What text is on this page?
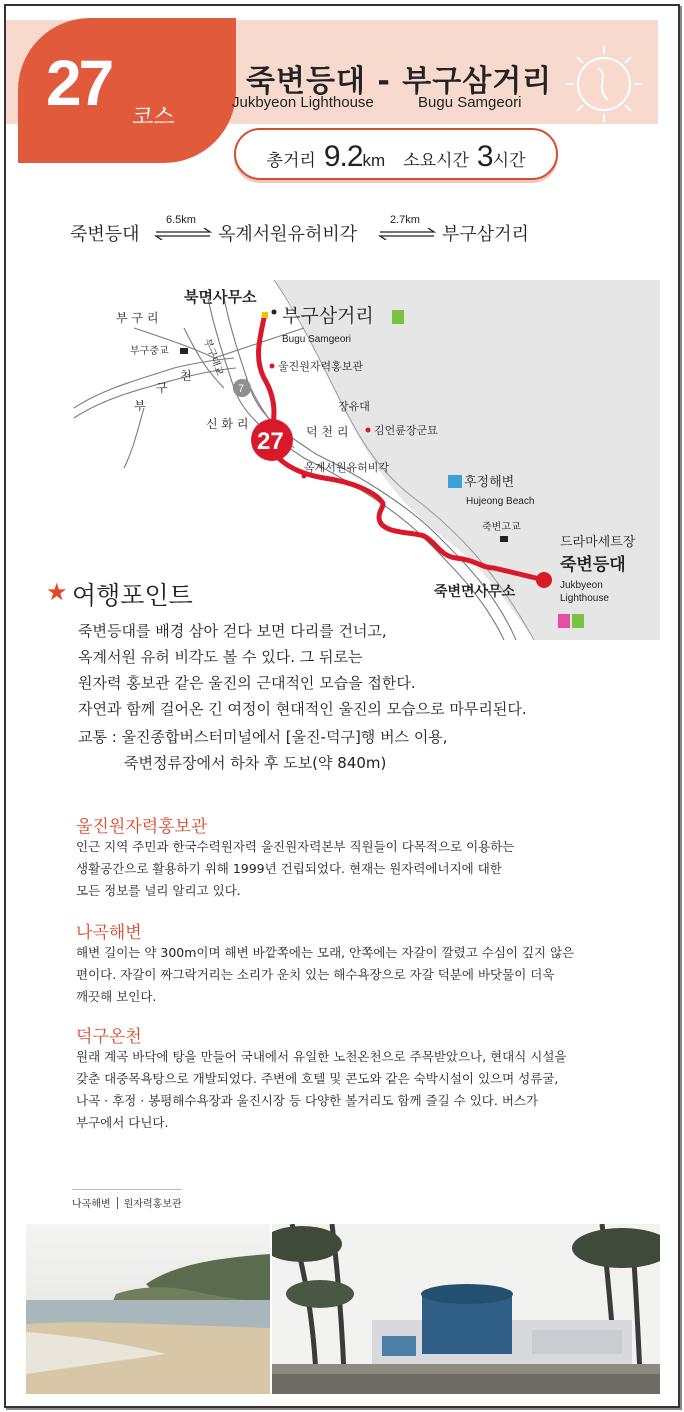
27 코스
죽변등대 - 부구삼거리
Jukbyeon Lighthouse	Bugu Samgeori
총거리 9.2 km 소요시간 3 시간
죽변등대
6.5km
옥계서원유허비각
2.7km
부구삼거리
7
27
북면사무소
부구삼거리
Bugu Samgeori
부 구 리
부구중교	부구대교
천
구
부
신 화 리
울진원자력홍보관
장유대
덕 천 리 김언륜장군묘
옥계서원유허비각
후정해변
Hujeong Beach
죽변고교
드라마세트장
죽변등대
Jukbyeon
Lighthouse
죽변면사무소
★ 여행포인트

죽변등대를 배경 삼아 걷다 보면 다리를 건너고,

옥계서원 유허 비각도 볼 수 있다. 그 뒤로는

원자력 홍보관 같은 울진의 근대적인 모습을 접한다.

자연과 함께 걸어온 긴 여정이 현대적인 울진의 모습으로 마무리된다.

교통 : 울진종합버스터미널에서 [울진-덕구]행 버스 이용,

죽변정류장에서 하차 후 도보(약 840m)

울진원자력홍보관

인근 지역 주민과 한국수력원자력 울진원자력본부 직원들이 다목적으로 이용하는

생활공간으로 활용하기 위해 1999년 건립되었다. 현재는 원자력에너지에 대한

모든 정보를 널리 알리고 있다.

나곡해변

해변 길이는 약 300m이며 해변 바깥쪽에는 모래, 안쪽에는 자갈이 깔렸고 수심이 깊지 않은

편이다. 자갈이 짜그락거리는 소리가 운치 있는 해수욕장으로 자갈 덕분에 바닷물이 더욱

깨끗해 보인다.

덕구온천

원래 계곡 바닥에 탕을 만들어 국내에서 유일한 노천온천으로 주목받았으나, 현대식 시설을

갖춘 대중목욕탕으로 개발되었다. 주변에 호텔 및 콘도와 같은 숙박시설이 있으며 성류굴,

나곡 · 후정 · 봉평해수욕장과 울진시장 등 다양한 볼거리도 함께 즐길 수 있다. 버스가

부구에서 다닌다.

나곡해변 원자력홍보관
